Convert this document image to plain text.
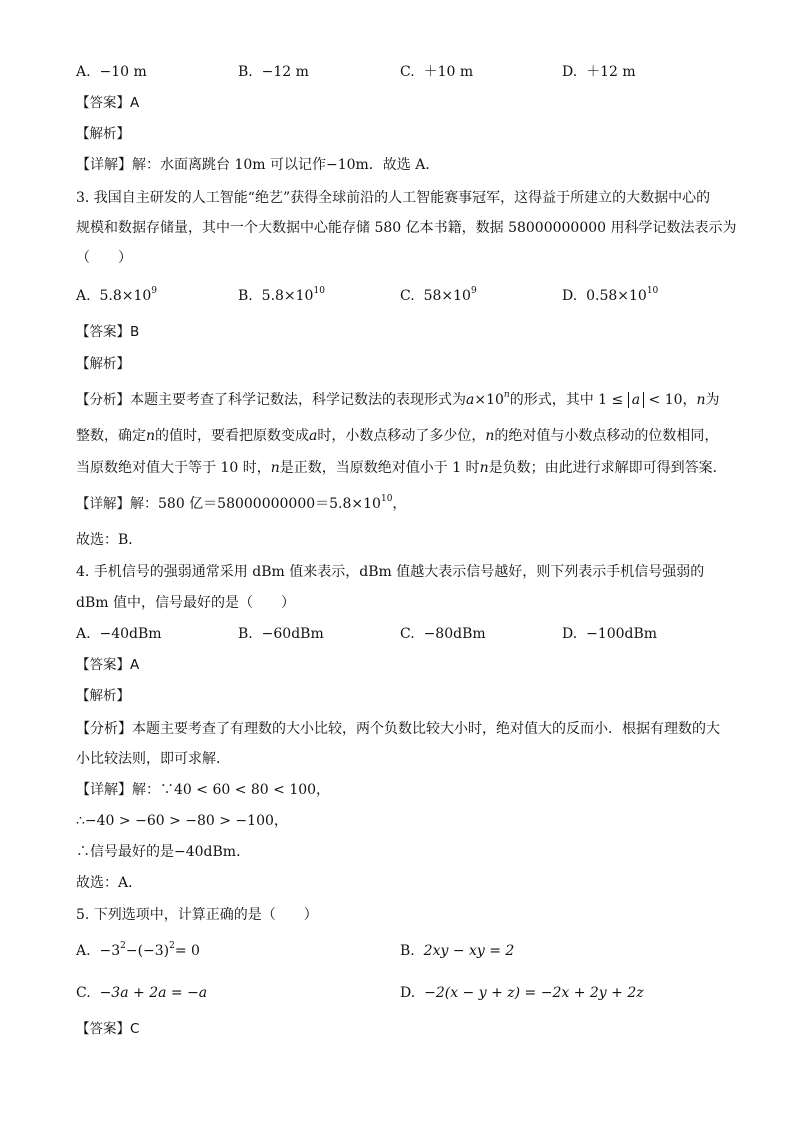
A. −10 m	B. −12 m	C. ＋10 m	D. ＋12 m
【答案】A
【解析】
【详解】解：水面离跳台 10m 可以记作−10m．故选 A．
3. 我国自主研发的人工智能“绝艺”获得全球前沿的人工智能赛事冠军，这得益于所建立的大数据中心的
规模和数据存储量，其中一个大数据中心能存储 580 亿本书籍，数据 58000000000 用科学记数法表示为
（　　）
A. $5.8\times 10^9$	B. $5.8\times 10^{10}$	C. $58\times 10^9$	D. $0.58\times 10^{10}$
【答案】B
【解析】
【分析】本题主要考查了科学记数法，科学记数法的表现形式为$a\times 10^n$的形式，其中 1 ≤ a < 10，n为
整数，确定n的值时，要看把原数变成a时，小数点移动了多少位，n的绝对值与小数点移动的位数相同，
当原数绝对值大于等于 10 时，n是正数，当原数绝对值小于 1 时n是负数；由此进行求解即可得到答案．
【详解】解：580 亿$=58000000000=5.8\times 10^{10}$，
故选：B．
4. 手机信号的强弱通常采用 dBm 值来表示，dBm 值越大表示信号越好，则下列表示手机信号强弱的
dBm 值中，信号最好的是（　　）
A. −40dBm	B. −60dBm	C. −80dBm	D. −100dBm
【答案】A
【解析】
【分析】本题主要考查了有理数的大小比较，两个负数比较大小时，绝对值大的反而小．根据有理数的大
小比较法则，即可求解．
【详解】解：∵40 < 60 < 80 < 100，
∴−40 > −60 > −80 > −100，
∴信号最好的是−40dBm．
故选：A．
5. 下列选项中，计算正确的是（　　）
A. $-3^2-(-3)^2= 0$	B. 2xy − xy = 2
C. −3a + 2a = −a	D. −2(x − y + z) = −2x + 2y + 2z
【答案】C
